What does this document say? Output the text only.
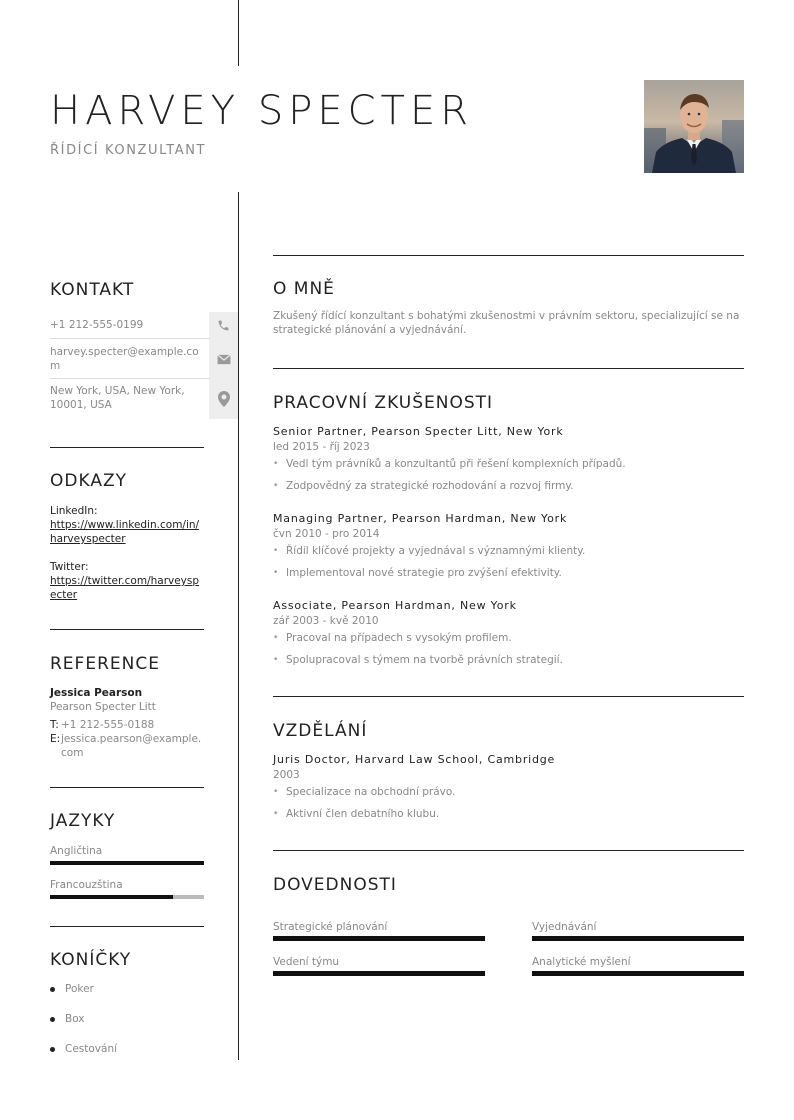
HARVEY SPECTER
ŘÍDÍCÍ KONZULTANT
KONTAKT
+1 212-555-0199
harvey.specter@example.com
New York, USA, New York, 10001, USA
ODKAZY
LinkedIn:
https://www.linkedin.com/in/harveyspecter
Twitter:
https://twitter.com/harveyspecter
REFERENCE
Jessica Pearson
Pearson Specter Litt
T: +1 212-555-0188
E: jessica.pearson@example.com
JAZYKY
Angličtina
Francouzština
KONÍČKY
Poker
Box
Cestování
O MNĚ
Zkušený řídící konzultant s bohatými zkušenostmi v právním sektoru, specializující se na strategické plánování a vyjednávání.
PRACOVNÍ ZKUŠENOSTI
Senior Partner, Pearson Specter Litt, New York
led 2015 - říj 2023
• Vedl tým právníků a konzultantů při řešení komplexních případů.
• Zodpovědný za strategické rozhodování a rozvoj firmy.
Managing Partner, Pearson Hardman, New York
čvn 2010 - pro 2014
• Řídil klíčové projekty a vyjednával s významnými klienty.
• Implementoval nové strategie pro zvýšení efektivity.
Associate, Pearson Hardman, New York
zář 2003 - kvě 2010
• Pracoval na případech s vysokým profilem.
• Spolupracoval s týmem na tvorbě právních strategií.
VZDĚLÁNÍ
Juris Doctor, Harvard Law School, Cambridge
2003
• Specializace na obchodní právo.
• Aktivní člen debatního klubu.
DOVEDNOSTI
Strategické plánování	Vyjednávání
Vedení týmu	Analytické myšlení
